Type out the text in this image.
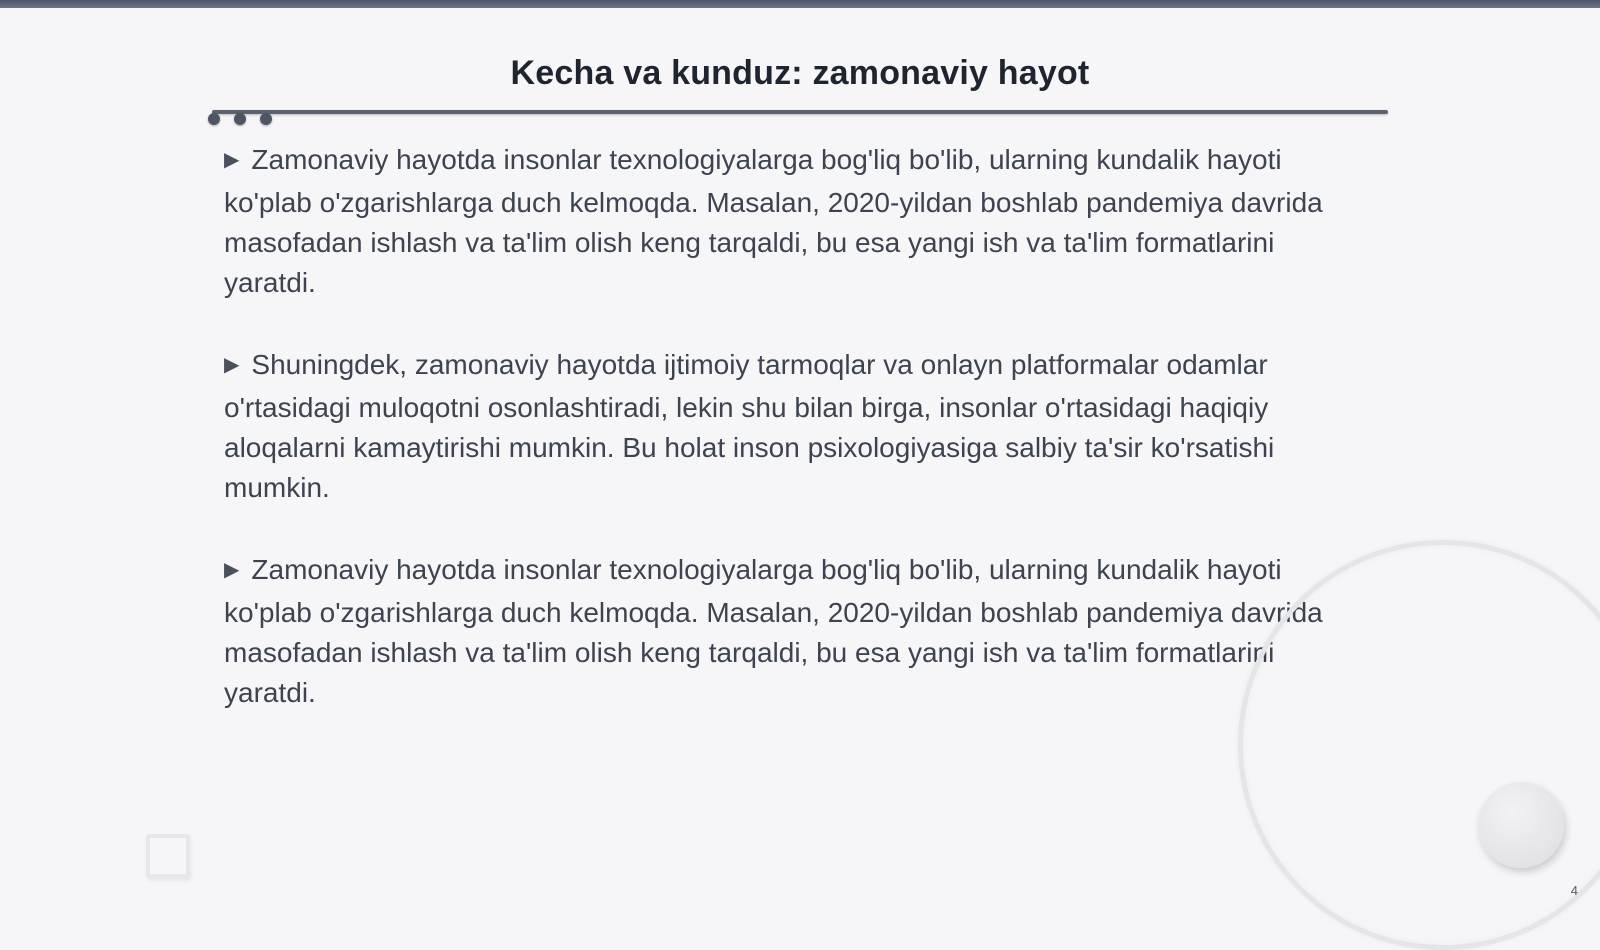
Kecha va kunduz: zamonaviy hayot

▶ Zamonaviy hayotda insonlar texnologiyalarga bog'liq bo'lib, ularning kundalik hayoti ko'plab o'zgarishlarga duch kelmoqda. Masalan, 2020-yildan boshlab pandemiya davrida masofadan ishlash va ta'lim olish keng tarqaldi, bu esa yangi ish va ta'lim formatlarini yaratdi.

▶ Shuningdek, zamonaviy hayotda ijtimoiy tarmoqlar va onlayn platformalar odamlar o'rtasidagi muloqotni osonlashtiradi, lekin shu bilan birga, insonlar o'rtasidagi haqiqiy aloqalarni kamaytirishi mumkin. Bu holat inson psixologiyasiga salbiy ta'sir ko'rsatishi mumkin.

▶ Zamonaviy hayotda insonlar texnologiyalarga bog'liq bo'lib, ularning kundalik hayoti ko'plab o'zgarishlarga duch kelmoqda. Masalan, 2020-yildan boshlab pandemiya davrida masofadan ishlash va ta'lim olish keng tarqaldi, bu esa yangi ish va ta'lim formatlarini yaratdi.

4
